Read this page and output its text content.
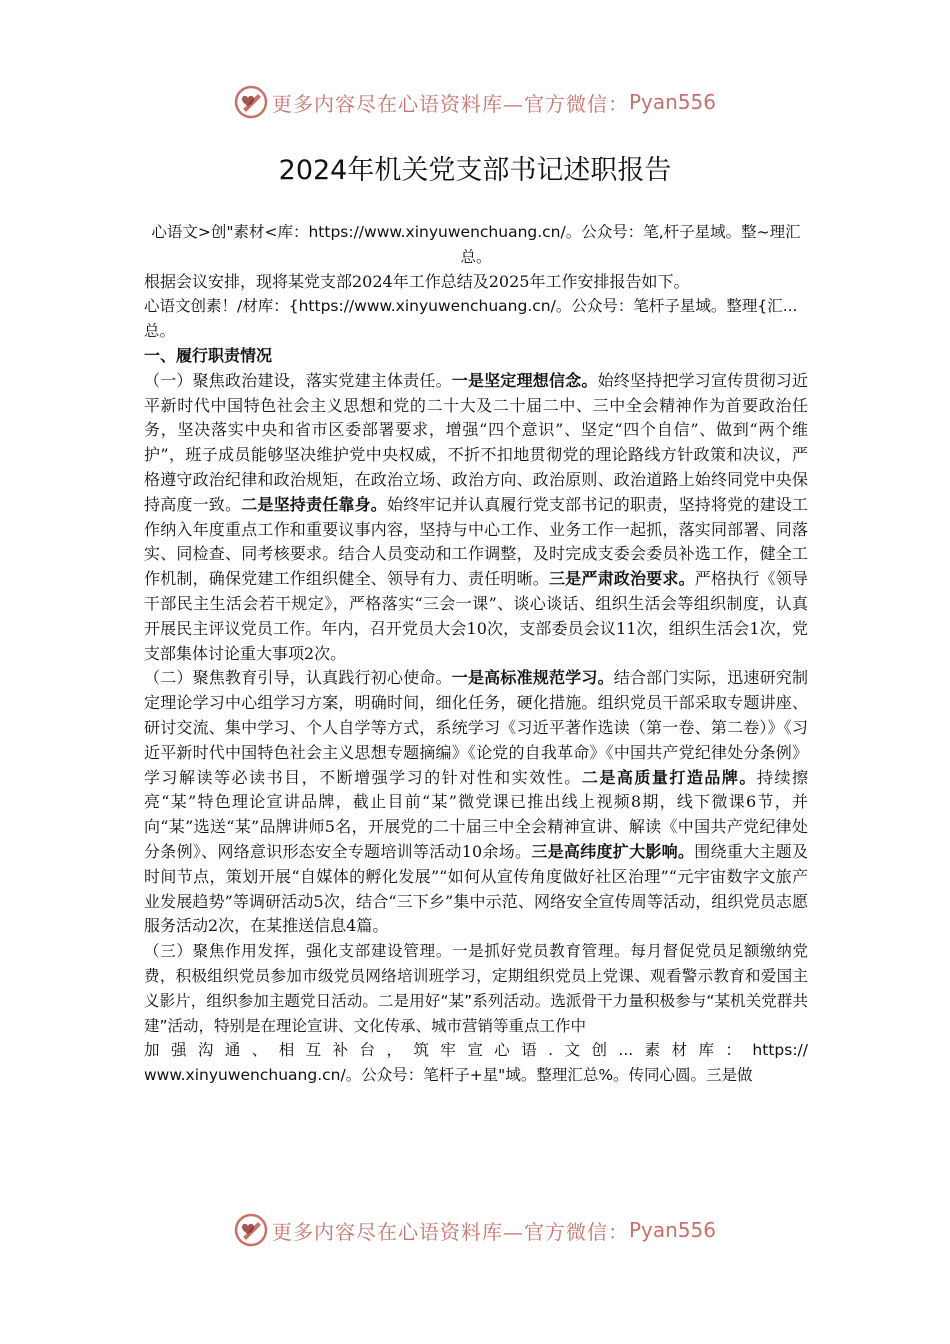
更多内容尽在心语资料库—官方微信： Pyan556
2024年机关党支部书记述职报告

心语文>创"素材<库：https://www.xinyuwenchuang.cn/。公众号：笔,杆子星域。整~理汇总。

根据会议安排，现将某党支部2024年工作总结及2025年工作安排报告如下。

心语文创素！/材库：{https://www.xinyuwenchuang.cn/。公众号：笔杆子星域。整理{汇...总。

一、履行职责情况

（一）聚焦政治建设，落实党建主体责任。一是坚定理想信念。始终坚持把学习宣传贯彻习近平新时代中国特色社会主义思想和党的二十大及二十届二中、三中全会精神作为首要政治任务，坚决落实中央和省市区委部署要求，增强“四个意识”、坚定“四个自信”、做到“两个维护”，班子成员能够坚决维护党中央权威，不折不扣地贯彻党的理论路线方针政策和决议，严格遵守政治纪律和政治规矩，在政治立场、政治方向、政治原则、政治道路上始终同党中央保持高度一致。二是坚持责任靠身。始终牢记并认真履行党支部书记的职责，坚持将党的建设工作纳入年度重点工作和重要议事内容，坚持与中心工作、业务工作一起抓，落实同部署、同落实、同检查、同考核要求。结合人员变动和工作调整，及时完成支委会委员补选工作，健全工作机制，确保党建工作组织健全、领导有力、责任明晰。三是严肃政治要求。严格执行《领导干部民主生活会若干规定》，严格落实“三会一课”、谈心谈话、组织生活会等组织制度，认真开展民主评议党员工作。年内，召开党员大会10次，支部委员会议11次，组织生活会1次，党支部集体讨论重大事项2次。

（二）聚焦教育引导，认真践行初心使命。一是高标准规范学习。结合部门实际，迅速研究制定理论学习中心组学习方案，明确时间，细化任务，硬化措施。组织党员干部采取专题讲座、研讨交流、集中学习、个人自学等方式，系统学习《习近平著作选读（第一卷、第二卷）》《习近平新时代中国特色社会主义思想专题摘编》《论党的自我革命》《中国共产党纪律处分条例》学习解读等必读书目，不断增强学习的针对性和实效性。二是高质量打造品牌。持续擦亮“某”特色理论宣讲品牌，截止目前“某”微党课已推出线上视频8期，线下微课6节，并向“某”选送“某”品牌讲师5名，开展党的二十届三中全会精神宣讲、解读《中国共产党纪律处分条例》、网络意识形态安全专题培训等活动10余场。三是高纬度扩大影响。围绕重大主题及时间节点，策划开展“自媒体的孵化发展”“如何从宣传角度做好社区治理”“元宇宙数字文旅产业发展趋势”等调研活动5次，结合“三下乡”集中示范、网络安全宣传周等活动，组织党员志愿服务活动2次，在某推送信息4篇。

（三）聚焦作用发挥，强化支部建设管理。一是抓好党员教育管理。每月督促党员足额缴纳党费，积极组织党员参加市级党员网络培训班学习，定期组织党员上党课、观看警示教育和爱国主义影片，组织参加主题党日活动。二是用好“某”系列活动。选派骨干力量积极参与“某机关党群共建”活动，特别是在理论宣讲、文化传承、城市营销等重点工作中

加强沟通、相互补台，筑牢宣心语.文创...素材库：https://

www.xinyuwenchuang.cn/。公众号：笔杆子+星"域。整理汇总%。传同心圆。三是做

更多内容尽在心语资料库—官方微信： Pyan556
